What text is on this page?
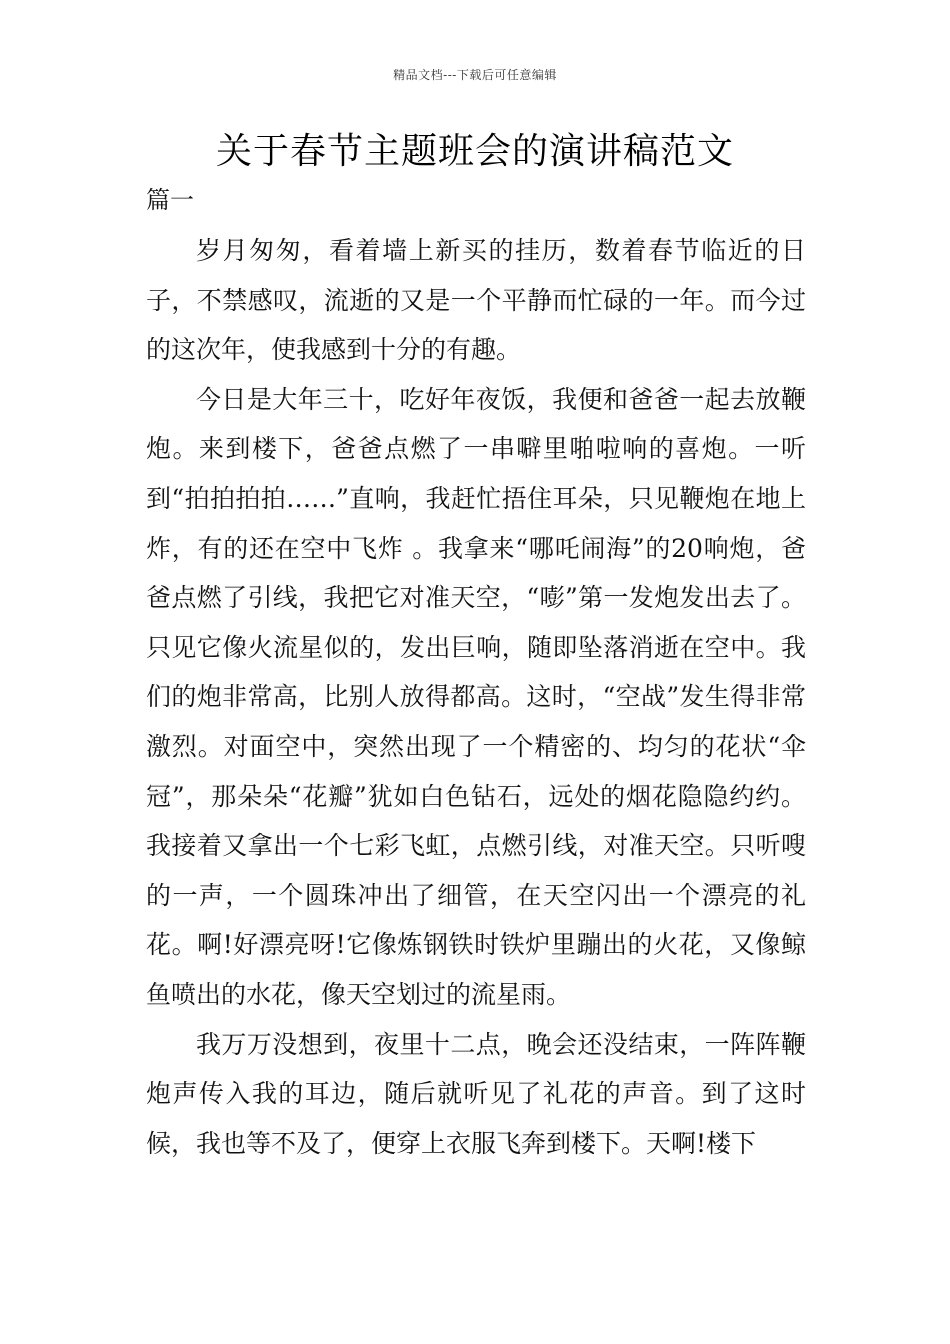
精品文档---下载后可任意编辑
关于春节主题班会的演讲稿范文
篇一

岁月匆匆，看着墙上新买的挂历，数着春节临近的日子，不禁感叹，流逝的又是一个平静而忙碌的一年。而今过的这次年，使我感到十分的有趣。

今日是大年三十，吃好年夜饭，我便和爸爸一起去放鞭炮。来到楼下，爸爸点燃了一串噼里啪啦响的喜炮。一听到“拍拍拍拍……”直响，我赶忙捂住耳朵，只见鞭炮在地上炸，有的还在空中飞炸 。我拿来“哪吒闹海”的20响炮，爸爸点燃了引线，我把它对准天空，“嘭”第一发炮发出去了。只见它像火流星似的，发出巨响，随即坠落消逝在空中。我们的炮非常高，比别人放得都高。这时，“空战”发生得非常激烈。对面空中，突然出现了一个精密的、均匀的花状“伞冠”，那朵朵“花瓣”犹如白色钻石，远处的烟花隐隐约约。我接着又拿出一个七彩飞虹，点燃引线，对准天空。只听嗖 的一声，一个圆珠冲出了细管，在天空闪出一个漂亮的礼花。啊!好漂亮呀!它像炼钢铁时铁炉里蹦出的火花，又像鲸鱼喷出的水花，像天空划过的流星雨。

我万万没想到，夜里十二点，晚会还没结束，一阵阵鞭炮声传入我的耳边，随后就听见了礼花的声音。到了这时候，我也等不及了，便穿上衣服飞奔到楼下。天啊!楼下
